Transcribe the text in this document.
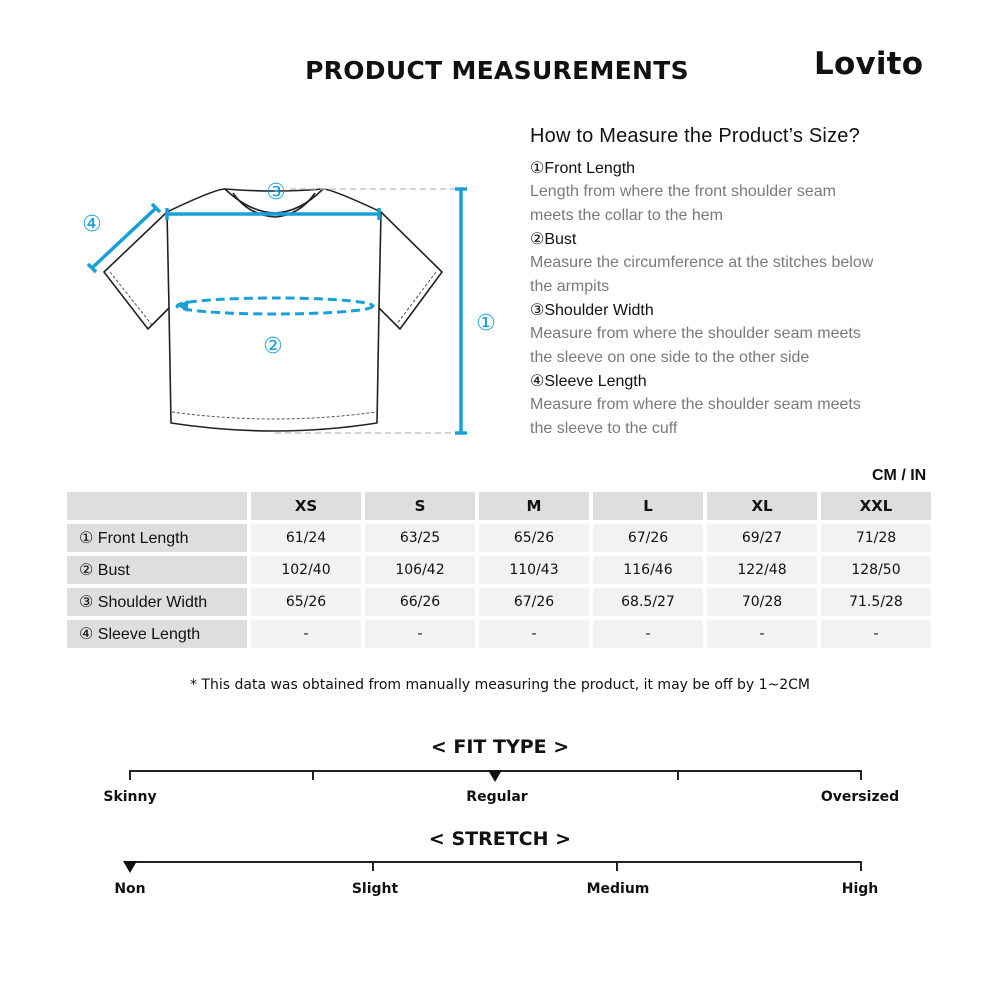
PRODUCT MEASUREMENTS	Lovito
①
②
③
④
How to Measure the Product’s Size?
①Front Length
Length from where the front shoulder seam
meets the collar to the hem
②Bust
Measure the circumference at the stitches below
the armpits
③Shoulder Width
Measure from where the shoulder seam meets
the sleeve on one side to the other side
④Sleeve Length
Measure from where the shoulder seam meets
the sleeve to the cuff
CM / IN
	XS	S	M	L	XL	XXL
① Front Length	61/24	63/25	65/26	67/26	69/27	71/28
② Bust	102/40	106/42	110/43	116/46	122/48	128/50
③ Shoulder Width	65/26	66/26	67/26	68.5/27	70/28	71.5/28
④ Sleeve Length	-	-	-	-	-	-
* This data was obtained from manually measuring the product, it may be off by 1~2CM
< FIT TYPE >
Skinny	Regular	Oversized
< STRETCH >
Non	Slight	Medium	High
